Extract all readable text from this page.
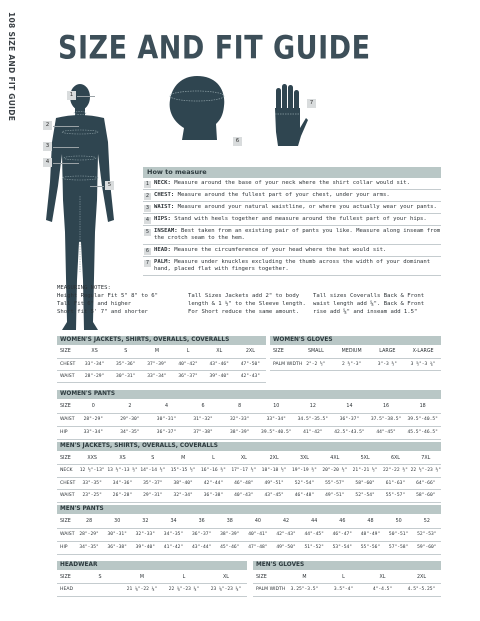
108 SIZE AND FIT GUIDE SIZE AND FIT GUIDE
1
2
3
4
5
6
7
How to measure
1 NECK: Measure around the base of your neck where the shirt collar would sit.
2 CHEST: Measure around the fullest part of your chest, under your arms.
3 WAIST: Measure around your natural waistline, or where you actually wear your pants.
4 HIPS: Stand with heels together and measure around the fullest part of your hips.
5 INSEAM: Best taken from an existing pair of pants you like. Measure along inseam from the crotch seam to the hem.
6 HEAD: Measure the circumference of your head where the hat would sit.
7 PALM: Measure under knuckles excluding the thumb across the width of your dominant hand, placed flat with fingers together.
MEASURING NOTES:
Height Regular Fit 5" 8" to 6"
Tall Fit 6" and higher
Short fit 5' 7" and shorter
Tall Sizes Jackets add 2" to body
length & 1 ½" to the Sleeve length.
For Short reduce the same amount.
Tall sizes Coveralls Back & Front
waist length add ⅝". Back & Front
rise add ⅝" and inseam add 1.5"
WOMEN'S JACKETS, SHIRTS, OVERALLS, COVERALLS	WOMEN'S GLOVES
WOMEN'S PANTS
MEN'S JACKETS, SHIRTS, OVERALLS, COVERALLS
MEN'S PANTS
HEADWEAR	MEN'S GLOVES
SIZE	XS	S	M	L	XL	2XL
CHEST	33"-34"	35"-36"	37"-39"	40"-42"	43"-46"	47"-50"
WAIST	28"-29"	30"-31"	33"-34"	36"-37"	39"-40"	42"-43"
SIZE	SMALL	MEDIUM	LARGE	X-LARGE
PALM WIDTH	2"-2 ½"	2 ½"-3"	3"-3 ½"	3 ½"-3 ¾"
SIZE	0	2	4	6	8	10	12	14	16	18
WAIST	28"-29"	29"-30"	30"-31"	31"-32"	32"-33"	33"-34"	34.5"-35.5"	36"-37"	37.5"-38.5"	39.5"-40.5"
HIP	33"-34"	34"-35"	36"-37"	37"-38"	38"-39"	39.5"-40.5"	41"-42"	42.5"-43.5"	44"-45"	45.5"-46.5"
SIZE	XXS	XS	S	M	L	XL	2XL	3XL	4XL	5XL	6XL	7XL
NECK	12 ½"-13"	13 ½"-13 ½"	14"-14 ½"	15"-15 ½"	16"-16 ½"	17"-17 ½"	18"-18 ½"	19"-19 ½"	20"-20 ½"	21"-21 ½"	22"-22 ½"	22 ½"-23 ½"
CHEST	33"-35"	34"-36"	35"-37"	38"-40"	42"-44"	46"-48"	49"-51"	52"-54"	55"-57"	58"-60"	61"-63"	64"-66"
WAIST	23"-25"	26"-28"	29"-31"	32"-34"	36"-38"	40"-43"	43"-45"	46"-48"	49"-51"	52"-54"	55"-57"	58"-60"
SIZE	28	30	32	34	36	38	40	42	44	46	48	50	52
WAIST	28"-29"	30"-31"	32"-33"	34"-35"	36"-37"	38"-39"	40"-41"	42"-43"	44"-45"	46"-47"	48"-49"	50"-51"	52"-53"
HIP	34"-35"	36"-38"	39"-40"	41"-42"	43"-44"	45"-46"	47"-48"	49"-50"	51"-52"	53"-54"	55"-56"	57"-58"	59"-60"
SIZE	S	M	L	XL
HEAD		21 ⅛"-22 ⅛"	22 ⅝"-23 ⅝"	23 ⅛"-23 ⅝"
SIZE	M	L	XL	2XL
PALM WIDTH	3.25"-3.5"	3.5"-4"	4"-4.5"	4.5"-5.25"
